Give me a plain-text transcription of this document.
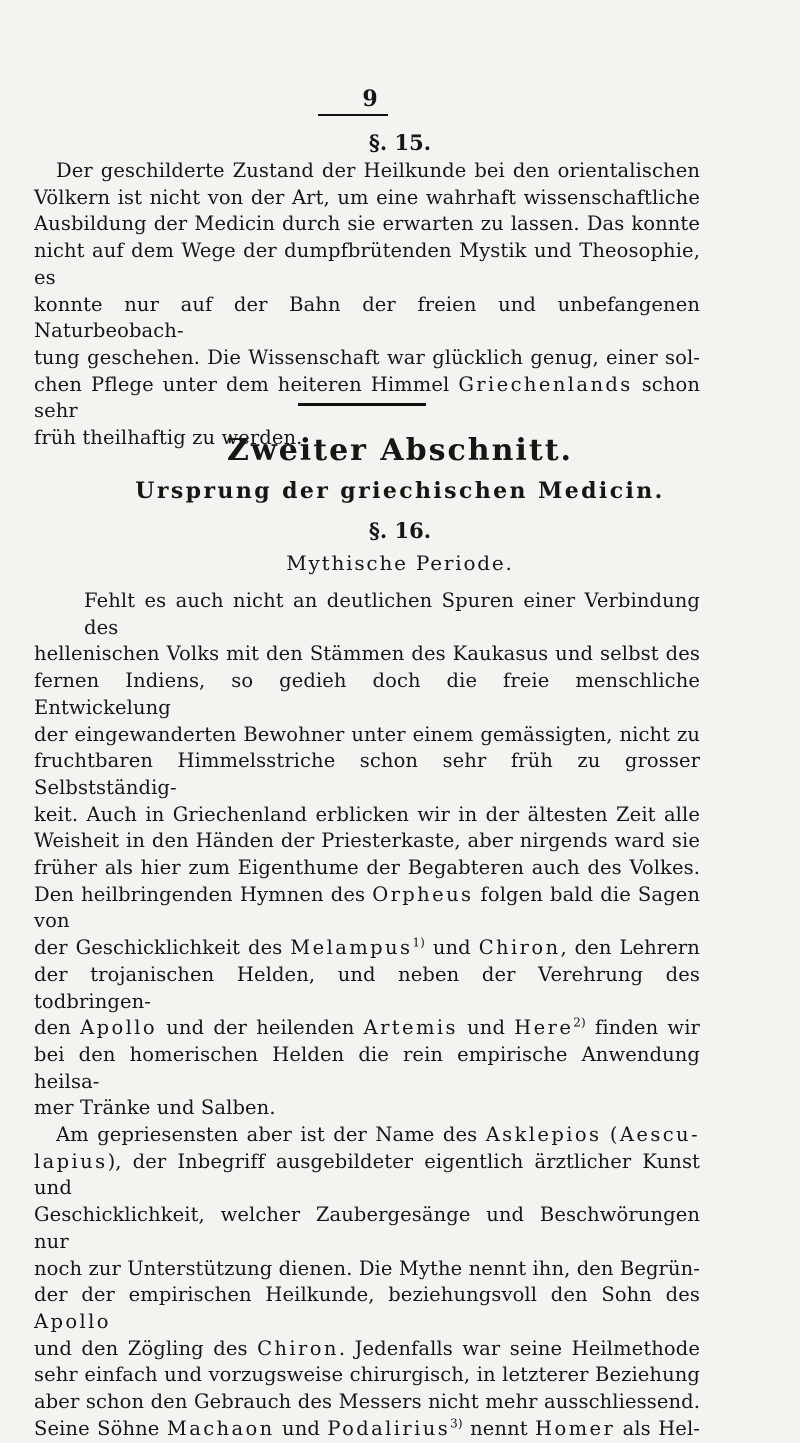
9
§. 15.
Der geschilderte Zustand der Heilkunde bei den orientalischen
Völkern ist nicht von der Art, um eine wahrhaft wissenschaftliche
Ausbildung der Medicin durch sie erwarten zu lassen. Das konnte
nicht auf dem Wege der dumpfbrütenden Mystik und Theosophie, es
konnte nur auf der Bahn der freien und unbefangenen Naturbeobach-
tung geschehen. Die Wissenschaft war glücklich genug, einer sol-
chen Pflege unter dem heiteren Himmel Griechenlands schon sehr
früh theilhaftig zu werden.
Zweiter Abschnitt.
Ursprung der griechischen Medicin.
§. 16.
Mythische Periode.
Fehlt es auch nicht an deutlichen Spuren einer Verbindung des
hellenischen Volks mit den Stämmen des Kaukasus und selbst des
fernen Indiens, so gedieh doch die freie menschliche Entwickelung
der eingewanderten Bewohner unter einem gemässigten, nicht zu
fruchtbaren Himmelsstriche schon sehr früh zu grosser Selbstständig-
keit. Auch in Griechenland erblicken wir in der ältesten Zeit alle
Weisheit in den Händen der Priesterkaste, aber nirgends ward sie
früher als hier zum Eigenthume der Begabteren auch des Volkes.
Den heilbringenden Hymnen des Orpheus folgen bald die Sagen von
der Geschicklichkeit des Melampus$^{1)}$ und Chiron, den Lehrern
der trojanischen Helden, und neben der Verehrung des todbringen-
den Apollo und der heilenden Artemis und Here$^{2)}$ finden wir
bei den homerischen Helden die rein empirische Anwendung heilsa-
mer Tränke und Salben.
Am gepriesensten aber ist der Name des Asklepios (Aescu-
lapius), der Inbegriff ausgebildeter eigentlich ärztlicher Kunst und
Geschicklichkeit, welcher Zaubergesänge und Beschwörungen nur
noch zur Unterstützung dienen. Die Mythe nennt ihn, den Begrün-
der der empirischen Heilkunde, beziehungsvoll den Sohn des Apollo
und den Zögling des Chiron. Jedenfalls war seine Heilmethode
sehr einfach und vorzugsweise chirurgisch, in letzterer Beziehung
aber schon den Gebrauch des Messers nicht mehr ausschliessend.
Seine Söhne Machaon und Podalirius$^{3)}$ nennt Homer als Hel-
